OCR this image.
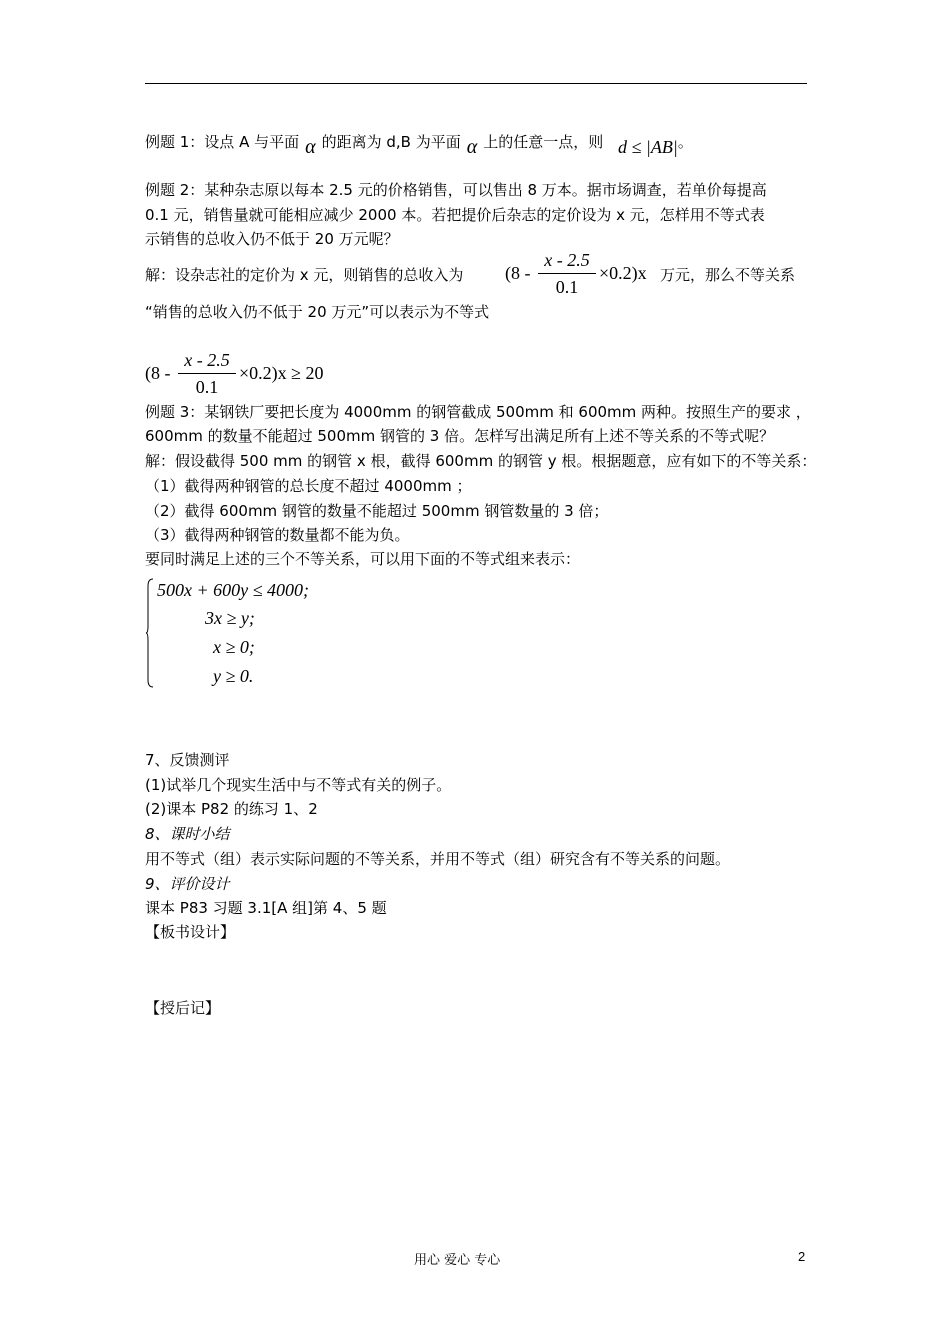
例题 1：设点 A 与平面 α 的距离为 d,B 为平面 α 上的任意一点，则 d ≤ |AB|。
例题 2：某种杂志原以每本 2.5 元的价格销售，可以售出 8 万本。据市场调查，若单价每提高
0.1 元，销售量就可能相应减少 2000 本。若把提价后杂志的定价设为 x 元，怎样用不等式表
示销售的总收入仍不低于 20 万元呢？
解：设杂志社的定价为 x 元，则销售的总收入为 (8 -
x - 2.5
0.1
×0.2)x 万元，那么不等关系
“销售的总收入仍不低于 20 万元”可以表示为不等式
(8 -
x - 2.5
0.1
×0.2)x ≥ 20
例题 3：某钢铁厂要把长度为 4000mm 的钢管截成 500mm 和 600mm 两种。按照生产的要求 ，
600mm 的数量不能超过 500mm 钢管的 3 倍。怎样写出满足所有上述不等关系的不等式呢？
解：假设截得 500 mm 的钢管 x 根，截得 600mm 的钢管 y 根。根据题意，应有如下的不等关系：
（1）截得两种钢管的总长度不超过 4000mm ；
（2）截得 600mm 钢管的数量不能超过 500mm 钢管数量的 3 倍；
（3）截得两种钢管的数量都不能为负。
要同时满足上述的三个不等关系，可以用下面的不等式组来表示：
500x + 600y ≤ 4000;
3x ≥ y;
x ≥ 0;
y ≥ 0.
7、反馈测评
(1)试举几个现实生活中与不等式有关的例子。
(2)课本 P82 的练习 1、2
8、课时小结
用不等式（组）表示实际问题的不等关系，并用不等式（组）研究含有不等关系的问题。
9、评价设计
课本 P83 习题 3.1[A 组]第 4、5 题
【板书设计】
【授后记】
用心 爱心 专心	2
